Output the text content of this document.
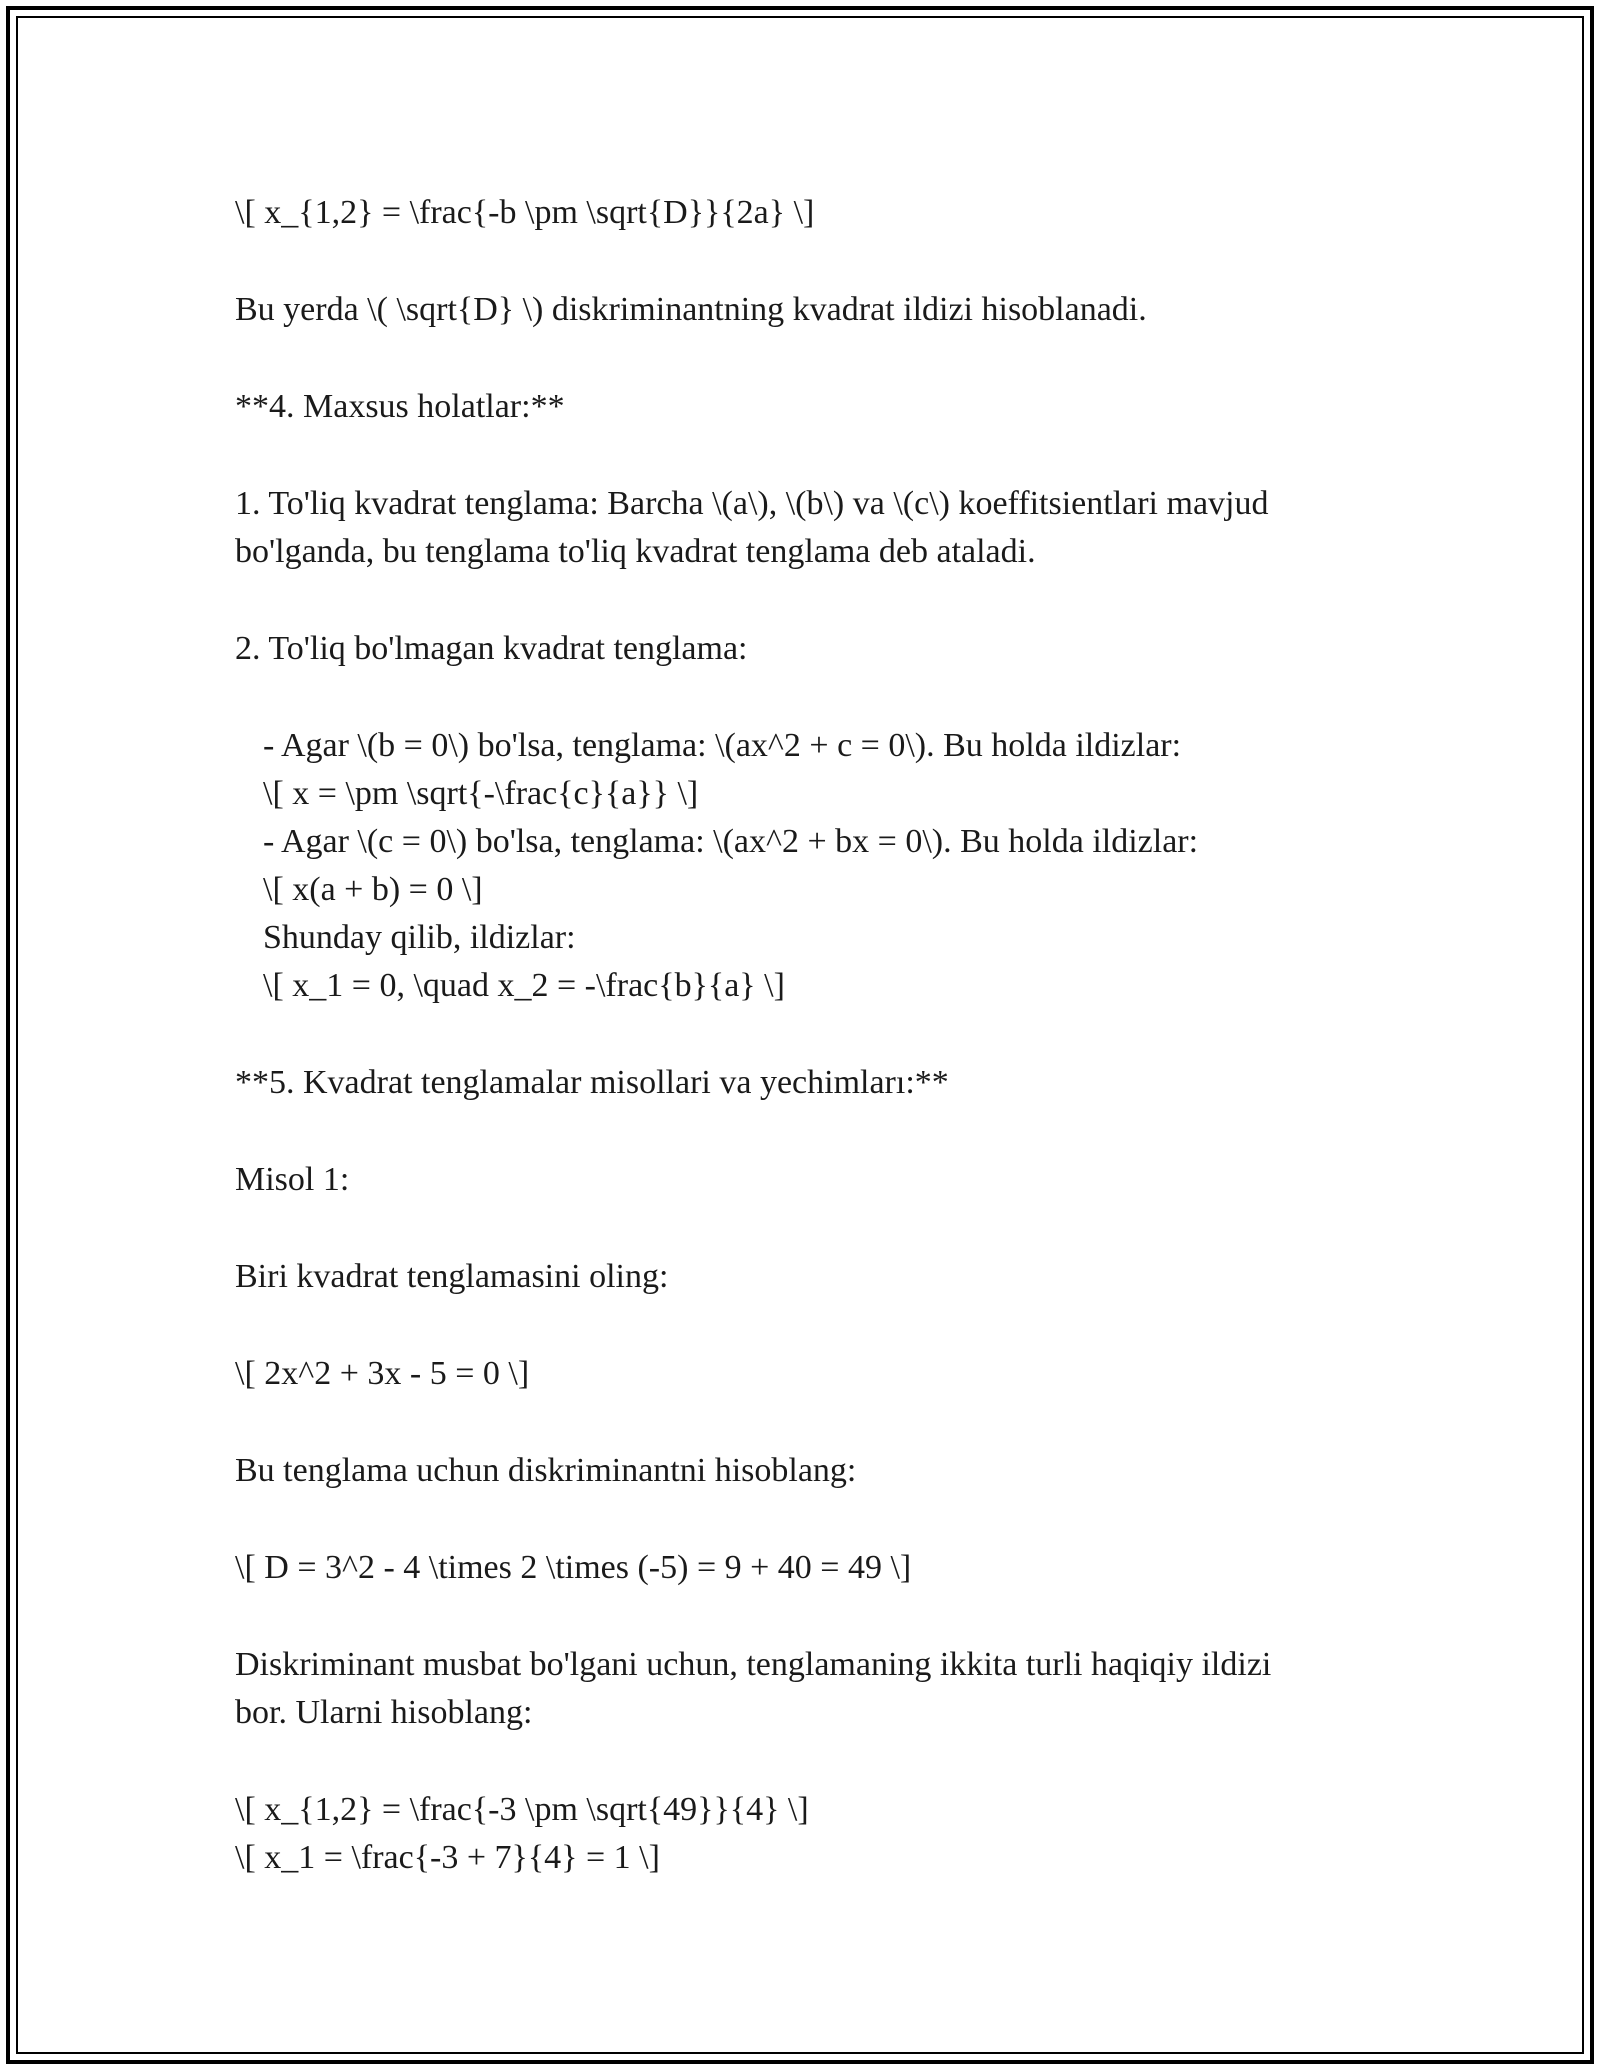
\[ x_{1,2} = \frac{-b \pm \sqrt{D}}{2a} \]

Bu yerda \( \sqrt{D} \) diskriminantning kvadrat ildizi hisoblanadi.

**4. Maxsus holatlar:**

1. To'liq kvadrat tenglama: Barcha \(a\), \(b\) va \(c\) koeffitsientlari mavjud

bo'lganda, bu tenglama to'liq kvadrat tenglama deb ataladi.

2. To'liq bo'lmagan kvadrat tenglama:

- Agar \(b = 0\) bo'lsa, tenglama: \(ax^2 + c = 0\). Bu holda ildizlar:

\[ x = \pm \sqrt{-\frac{c}{a}} \]

- Agar \(c = 0\) bo'lsa, tenglama: \(ax^2 + bx = 0\). Bu holda ildizlar:

\[ x(a + b) = 0 \]

Shunday qilib, ildizlar:

\[ x_1 = 0, \quad x_2 = -\frac{b}{a} \]

**5. Kvadrat tenglamalar misollari va yechimları:**

Misol 1:

Biri kvadrat tenglamasini oling:

\[ 2x^2 + 3x - 5 = 0 \]

Bu tenglama uchun diskriminantni hisoblang:

\[ D = 3^2 - 4 \times 2 \times (-5) = 9 + 40 = 49 \]

Diskriminant musbat bo'lgani uchun, tenglamaning ikkita turli haqiqiy ildizi

bor. Ularni hisoblang:

\[ x_{1,2} = \frac{-3 \pm \sqrt{49}}{4} \]

\[ x_1 = \frac{-3 + 7}{4} = 1 \]
